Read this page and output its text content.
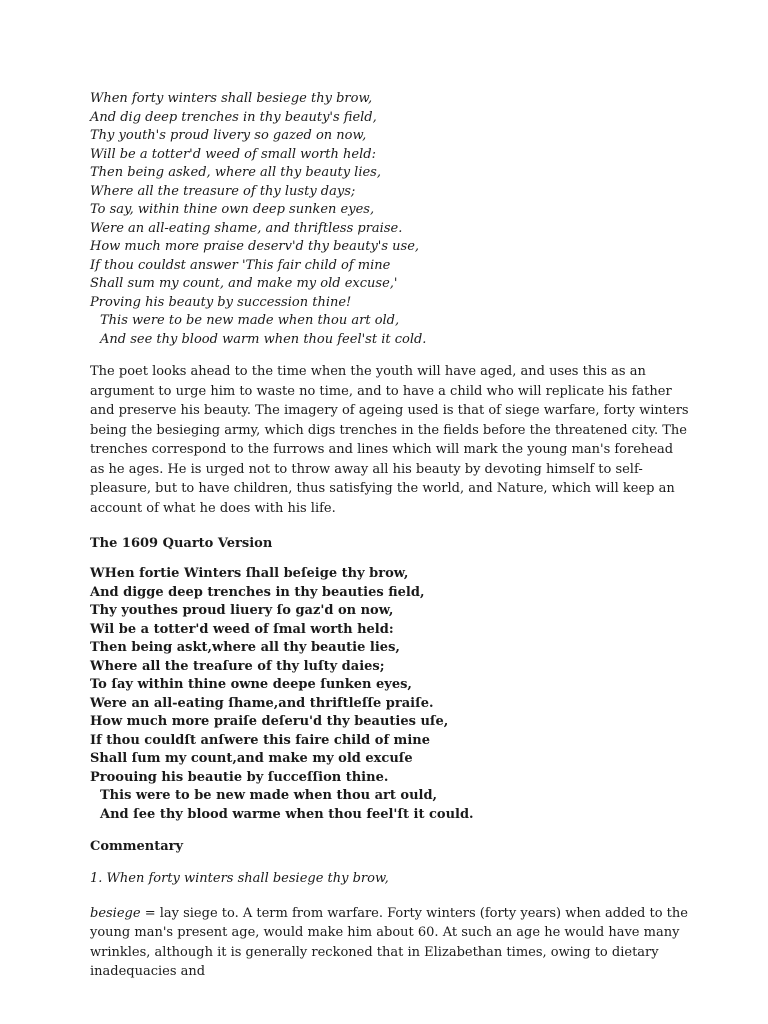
When forty winters shall besiege thy brow,
And dig deep trenches in thy beauty's field,
Thy youth's proud livery so gazed on now,
Will be a totter'd weed of small worth held:
Then being asked, where all thy beauty lies,
Where all the treasure of thy lusty days;
To say, within thine own deep sunken eyes,
Were an all-eating shame, and thriftless praise.
How much more praise deserv'd thy beauty's use,
If thou couldst answer 'This fair child of mine
Shall sum my count, and make my old excuse,'
Proving his beauty by succession thine!
This were to be new made when thou art old,
And see thy blood warm when thou feel'st it cold.

The poet looks ahead to the time when the youth will have aged, and uses this as an argument to urge him to waste no time, and to have a child who will replicate his father and preserve his beauty. The imagery of ageing used is that of siege warfare, forty winters being the besieging army, which digs trenches in the fields before the threatened city. The trenches correspond to the furrows and lines which will mark the young man's forehead as he ages. He is urged not to throw away all his beauty by devoting himself to self-pleasure, but to have children, thus satisfying the world, and Nature, which will keep an account of what he does with his life.

The 1609 Quarto Version

WHen fortie Winters ſhall beſeige thy brow,
And digge deep trenches in thy beauties field,
Thy youthes proud liuery ſo gaz'd on now,
Wil be a totter'd weed of ſmal worth held:
Then being askt,where all thy beautie lies,
Where all the treaſure of thy luſty daies;
To ſay within thine owne deepe ſunken eyes,
Were an all-eating ſhame,and thriftleſſe praiſe.
How much more praiſe deſeru'd thy beauties uſe,
If thou couldſt anſwere this faire child of mine
Shall ſum my count,and make my old excuſe
Proouing his beautie by ſucceſſion thine.
This were to be new made when thou art ould,
And ſee thy blood warme when thou feel'ſt it could.

Commentary

1. When forty winters shall besiege thy brow,

besiege = lay siege to. A term from warfare. Forty winters (forty years) when added to the young man's present age, would make him about 60. At such an age he would have many wrinkles, although it is generally reckoned that in Elizabethan times, owing to dietary inadequacies and
